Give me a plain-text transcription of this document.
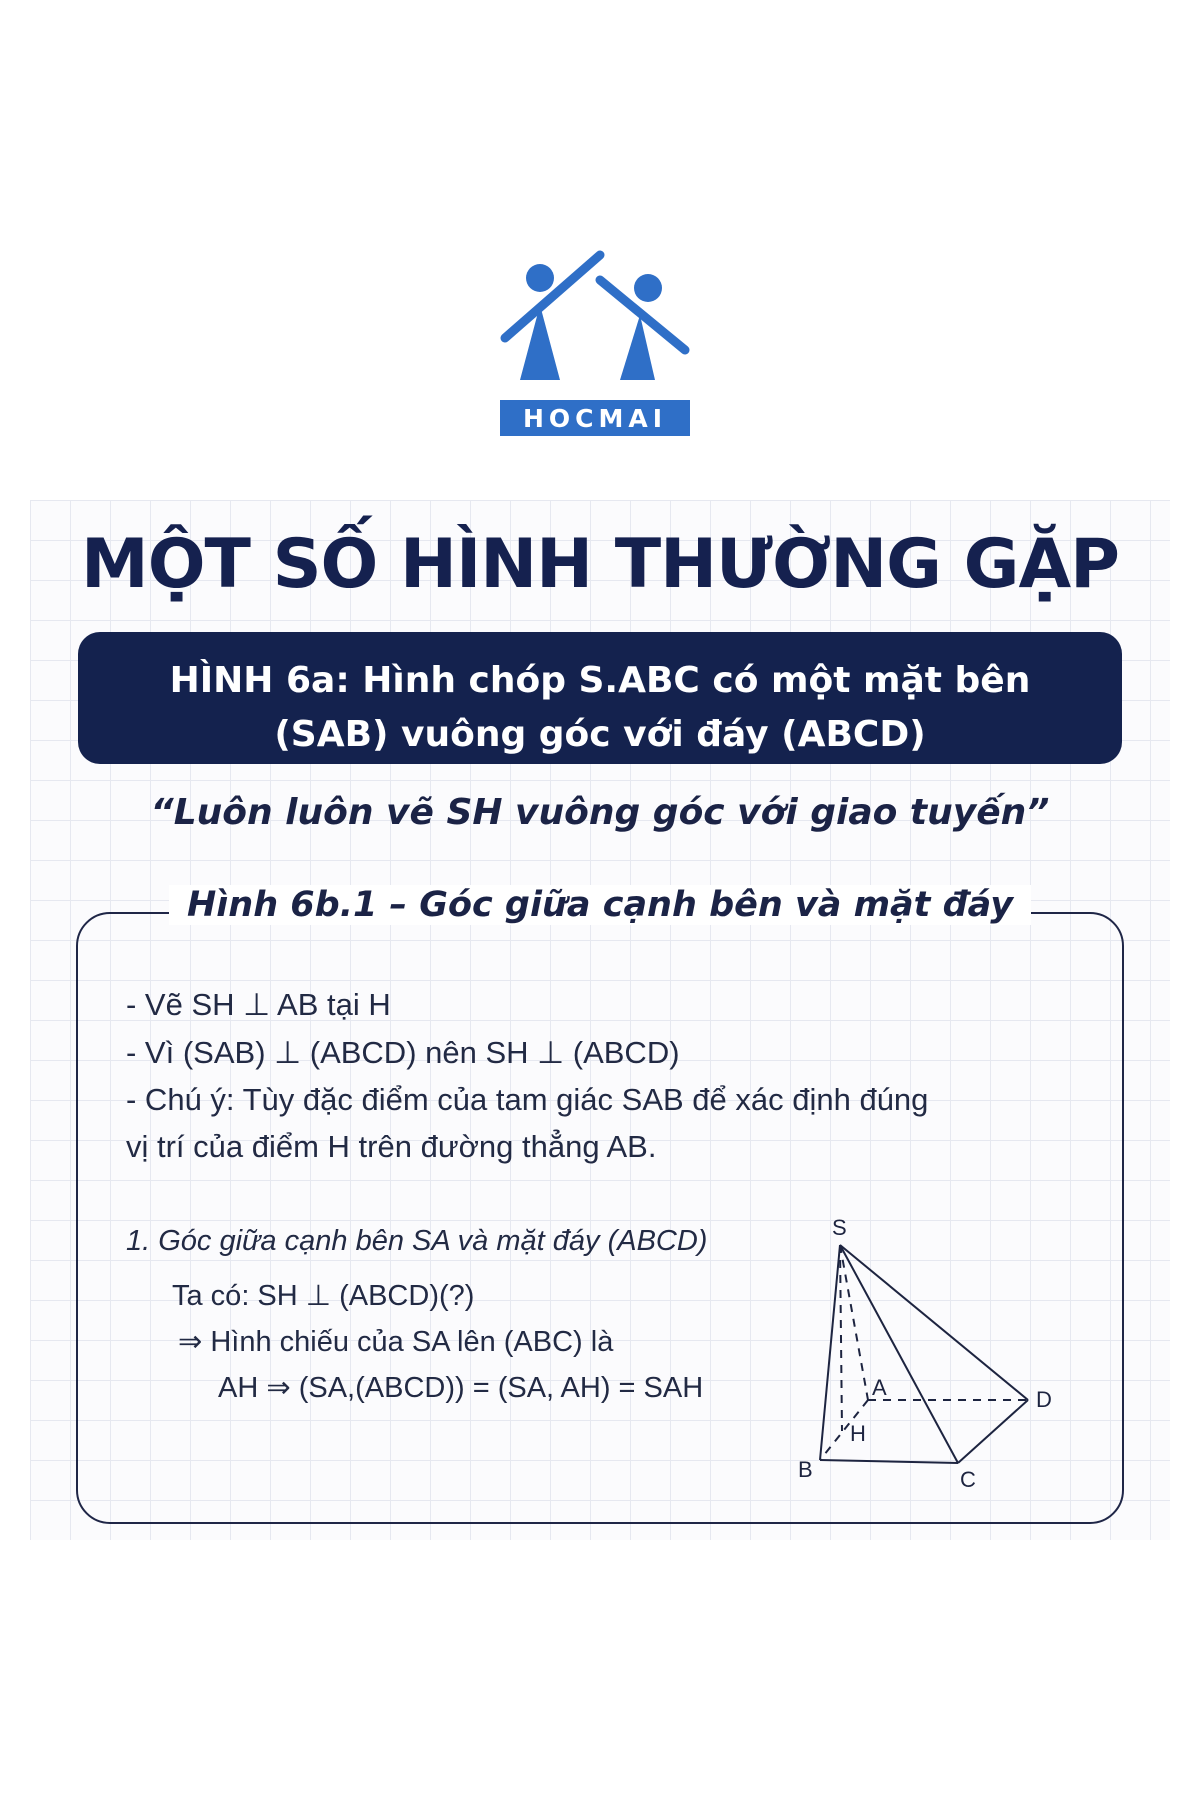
HOCMAI
MỘT SỐ HÌNH THƯỜNG GẶP
HÌNH 6a: Hình chóp S.ABC có một mặt bên
(SAB) vuông góc với đáy (ABCD)
“Luôn luôn vẽ SH vuông góc với giao tuyến”
Hình 6b.1 – Góc giữa cạnh bên và mặt đáy
- Vẽ SH ⊥ AB tại H
- Vì (SAB) ⊥ (ABCD) nên SH ⊥ (ABCD)
- Chú ý: Tùy đặc điểm của tam giác SAB để xác định đúng
vị trí của điểm H trên đường thẳng AB.
1. Góc giữa cạnh bên SA và mặt đáy (ABCD)
Ta có: SH ⊥ (ABCD)(?)
⇒ Hình chiếu của SA lên (ABC) là
AH ⇒ (SA,(ABCD)) = (SA, AH) = SAH
S
A
B	C
D
H
